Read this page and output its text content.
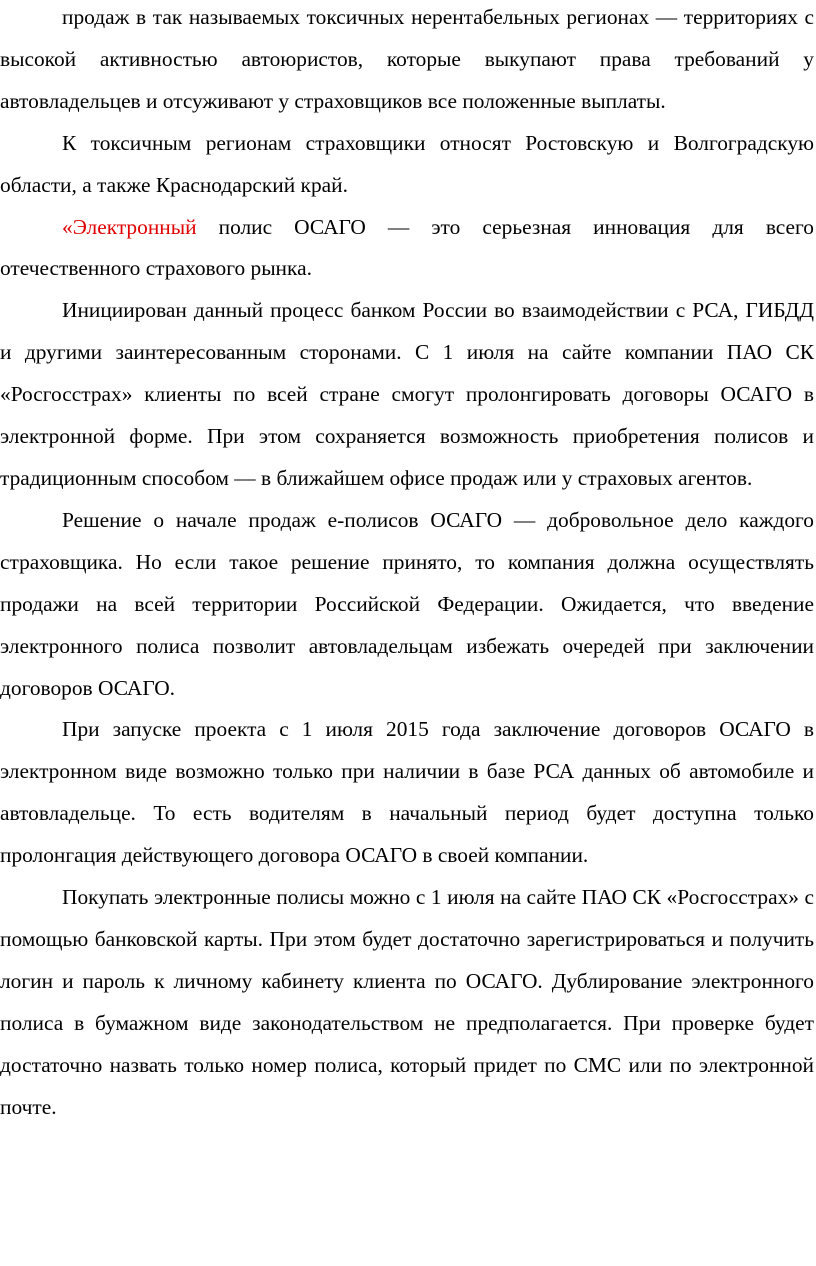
продаж в так называемых токсичных нерентабельных регионах — территориях с высокой активностью автоюристов, которые выкупают права требований у автовладельцев и отсуживают у страховщиков все положенные выплаты.

К токсичным регионам страховщики относят Ростовскую и Волгоградскую области, а также Краснодарский край.

«Электронный полис ОСАГО — это серьезная инновация для всего отечественного страхового рынка.

Инициирован данный процесс банком России во взаимодействии с РСА, ГИБДД и другими заинтересованным сторонами. С 1 июля на сайте компании ПАО СК «Росгосстрах» клиенты по всей стране смогут пролонгировать договоры ОСАГО в электронной форме. При этом сохраняется возможность приобретения полисов и традиционным способом — в ближайшем офисе продаж или у страховых агентов.

Решение о начале продаж е-полисов ОСАГО — добровольное дело каждого страховщика. Но если такое решение принято, то компания должна осуществлять продажи на всей территории Российской Федерации. Ожидается, что введение электронного полиса позволит автовладельцам избежать очередей при заключении договоров ОСАГО.

При запуске проекта с 1 июля 2015 года заключение договоров ОСАГО в электронном виде возможно только при наличии в базе РСА данных об автомобиле и автовладельце. То есть водителям в начальный период будет доступна только пролонгация действующего договора ОСАГО в своей компании.

Покупать электронные полисы можно с 1 июля на сайте ПАО СК «Росгосстрах» с помощью банковской карты. При этом будет достаточно зарегистрироваться и получить логин и пароль к личному кабинету клиента по ОСАГО. Дублирование электронного полиса в бумажном виде законодательством не предполагается. При проверке будет достаточно назвать только номер полиса, который придет по СМС или по электронной почте.
